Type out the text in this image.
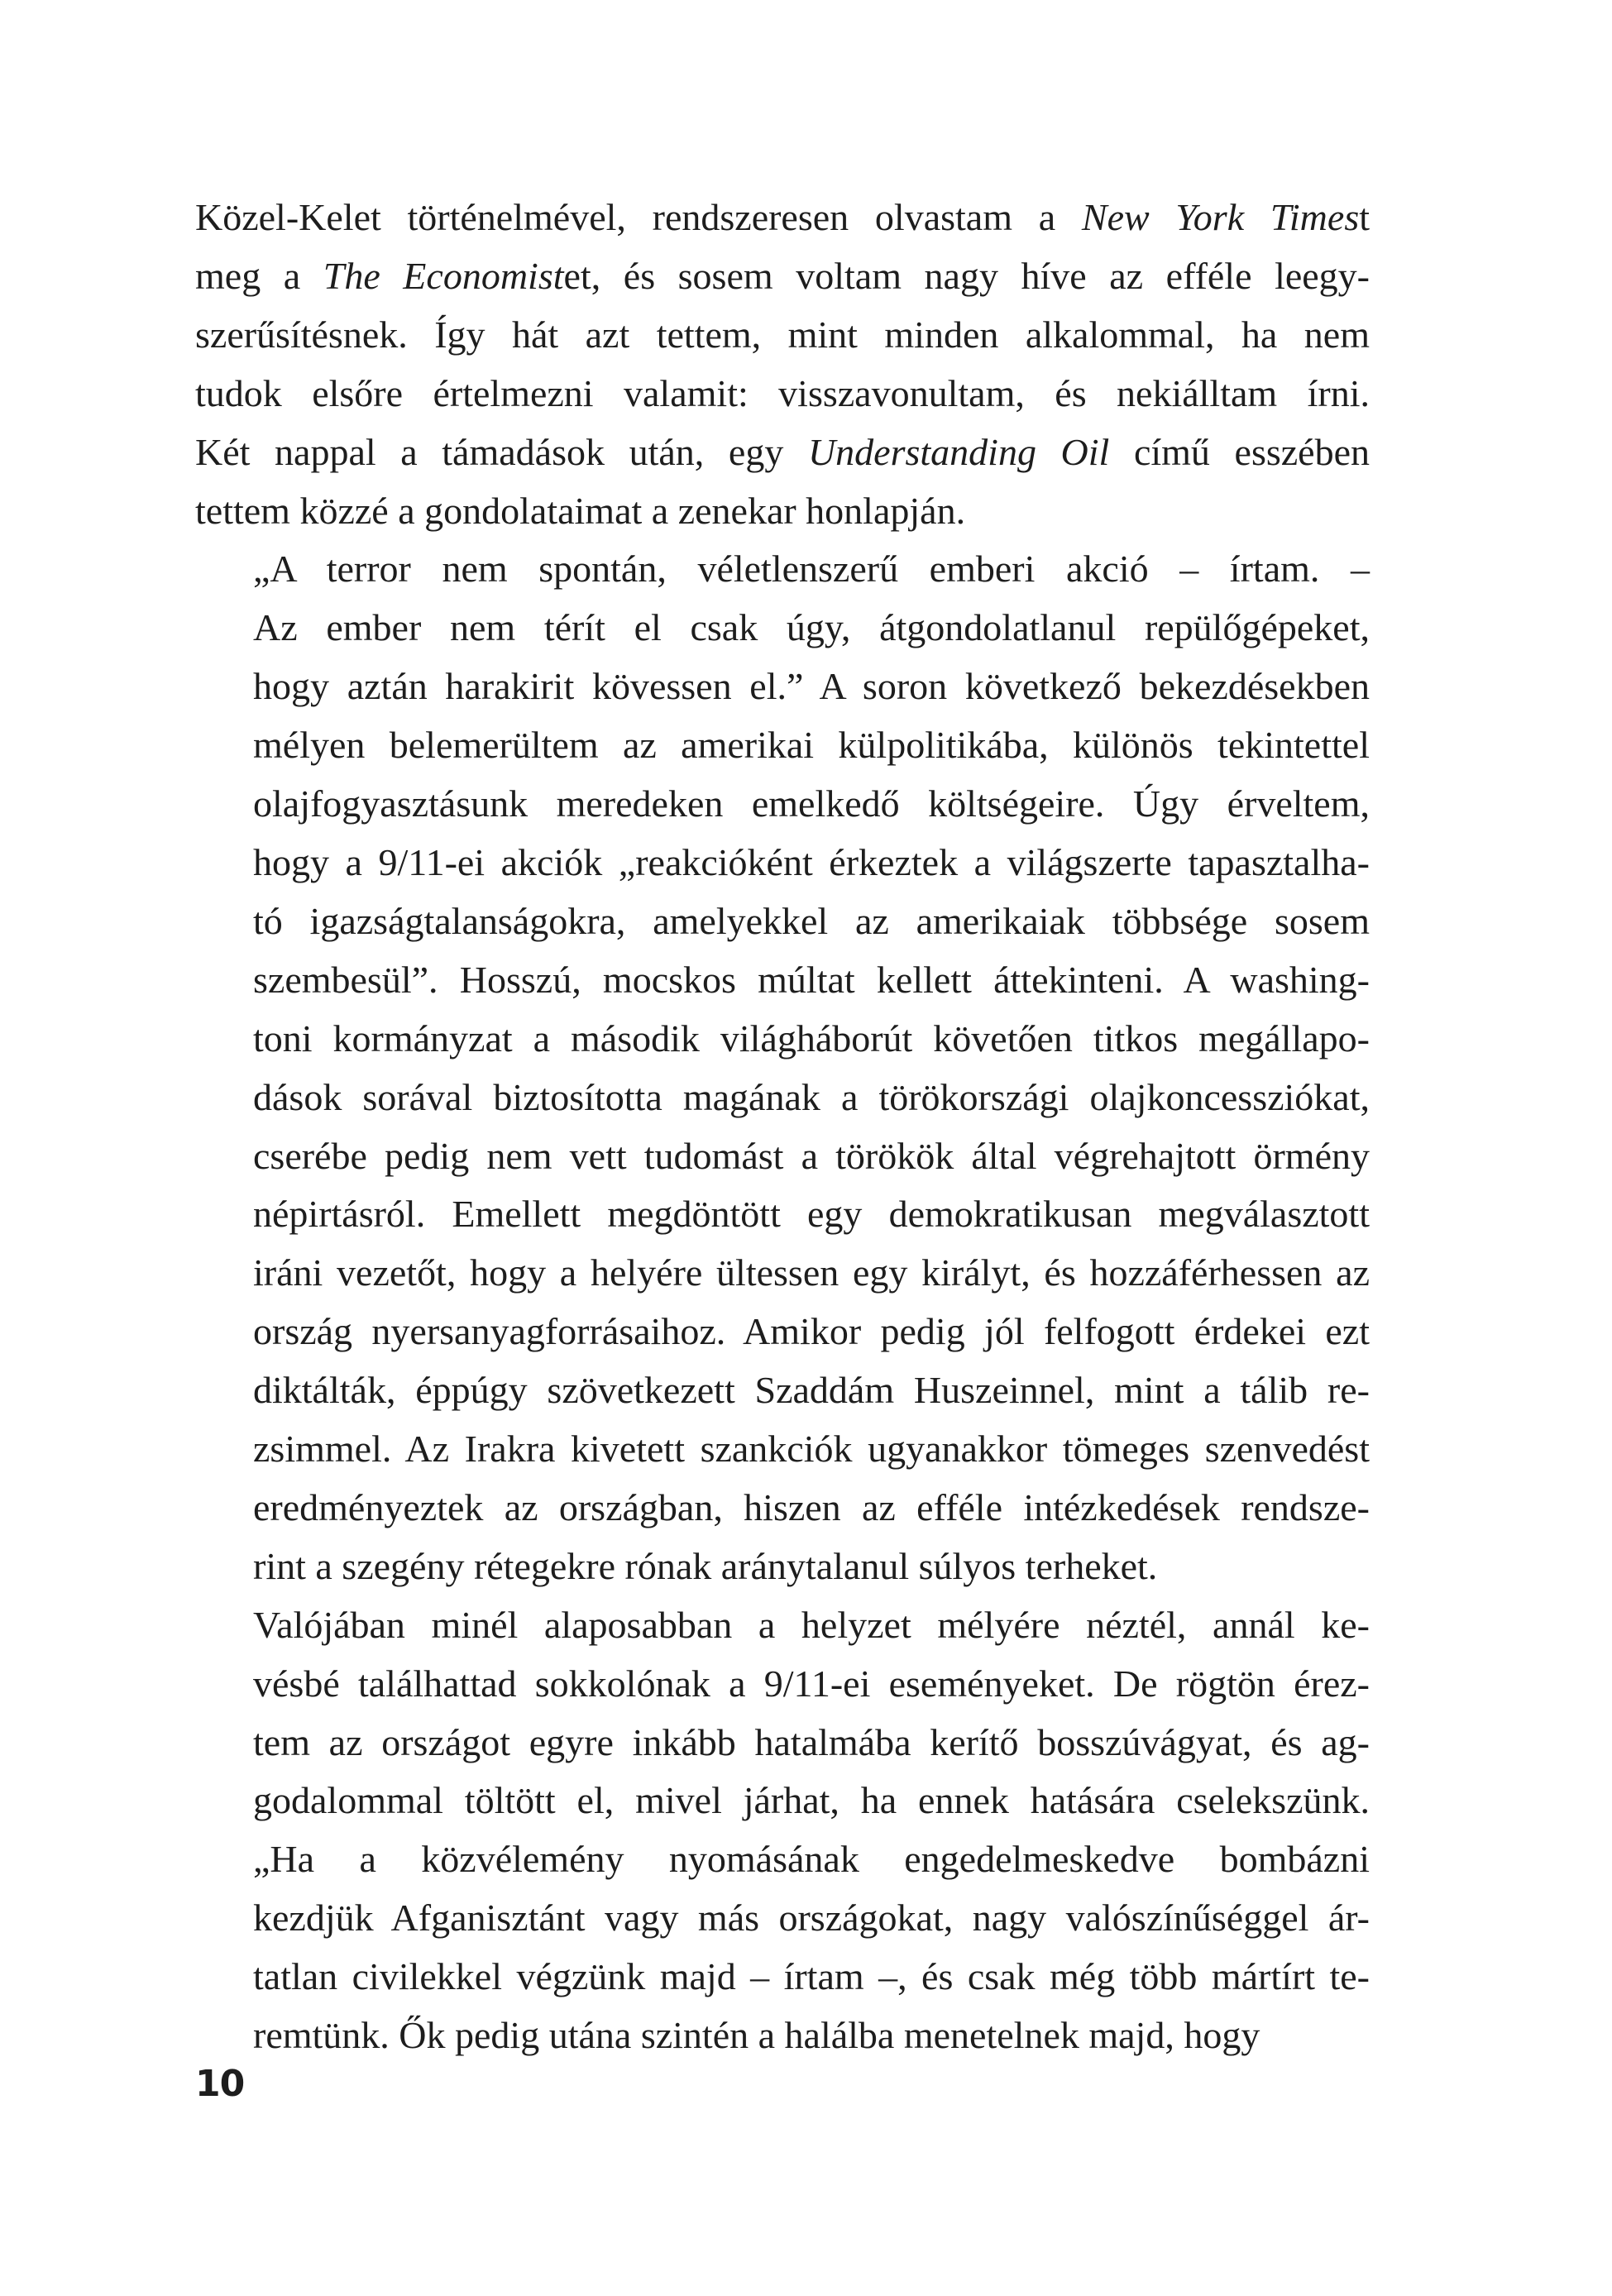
Közel-Kelet történelmével, rendszeresen olvastam a New York Timest
meg a The Economistet, és sosem voltam nagy híve az efféle leegy-
szerűsítésnek. Így hát azt tettem, mint minden alkalommal, ha nem
tudok elsőre értelmezni valamit: visszavonultam, és nekiálltam írni.
Két nappal a támadások után, egy Understanding Oil című esszében
tettem közzé a gondolataimat a zenekar honlapján.

„A terror nem spontán, véletlenszerű emberi akció – írtam. –
Az ember nem térít el csak úgy, átgondolatlanul repülőgépeket,
hogy aztán harakirit kövessen el.” A soron következő bekezdésekben
mélyen belemerültem az amerikai külpolitikába, különös tekintettel
olajfogyasztásunk meredeken emelkedő költségeire. Úgy érveltem,
hogy a 9/11-ei akciók „reakcióként érkeztek a világszerte tapasztalha-
tó igazságtalanságokra, amelyekkel az amerikaiak többsége sosem
szembesül”. Hosszú, mocskos múltat kellett áttekinteni. A washing-
toni kormányzat a második világháborút követően titkos megállapo-
dások sorával biztosította magának a törökországi olajkoncessziókat,
cserébe pedig nem vett tudomást a törökök által végrehajtott örmény
népirtásról. Emellett megdöntött egy demokratikusan megválasztott
iráni vezetőt, hogy a helyére ültessen egy királyt, és hozzáférhessen az
ország nyersanyagforrásaihoz. Amikor pedig jól felfogott érdekei ezt
diktálták, éppúgy szövetkezett Szaddám Huszeinnel, mint a tálib re-
zsimmel. Az Irakra kivetett szankciók ugyanakkor tömeges szenvedést
eredményeztek az országban, hiszen az efféle intézkedések rendsze-
rint a szegény rétegekre rónak aránytalanul súlyos terheket.

Valójában minél alaposabban a helyzet mélyére néztél, annál ke-
vésbé találhattad sokkolónak a 9/11-ei eseményeket. De rögtön érez-
tem az országot egyre inkább hatalmába kerítő bosszúvágyat, és ag-
godalommal töltött el, mivel járhat, ha ennek hatására cselekszünk.
„Ha a közvélemény nyomásának engedelmeskedve bombázni
kezdjük Afganisztánt vagy más országokat, nagy valószínűséggel ár-
tatlan civilekkel végzünk majd – írtam –, és csak még több mártírt te-
remtünk. Ők pedig utána szintén a halálba menetelnek majd, hogy

10
